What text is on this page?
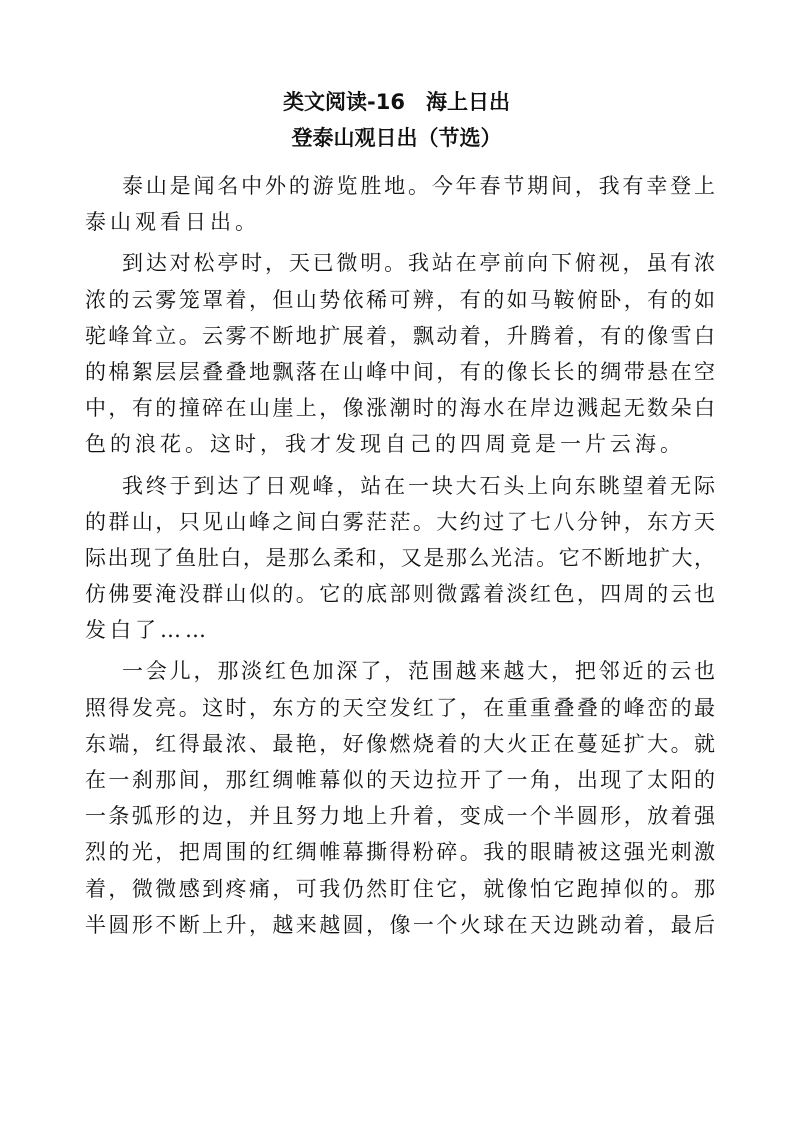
类文阅读-16　海上日出
登泰山观日出（节选）
泰山是闻名中外的游览胜地。今年春节期间，我有幸登上
泰山观看日出。
到达对松亭时，天已微明。我站在亭前向下俯视，虽有浓
浓的云雾笼罩着，但山势依稀可辨，有的如马鞍俯卧，有的如
驼峰耸立。云雾不断地扩展着，飘动着，升腾着，有的像雪白
的棉絮层层叠叠地飘落在山峰中间，有的像长长的绸带悬在空
中，有的撞碎在山崖上，像涨潮时的海水在岸边溅起无数朵白
色的浪花。这时，我才发现自己的四周竟是一片云海。
我终于到达了日观峰，站在一块大石头上向东眺望着无际
的群山，只见山峰之间白雾茫茫。大约过了七八分钟，东方天
际出现了鱼肚白，是那么柔和，又是那么光洁。它不断地扩大，
仿佛要淹没群山似的。它的底部则微露着淡红色，四周的云也
发白了……
一会儿，那淡红色加深了，范围越来越大，把邻近的云也
照得发亮。这时，东方的天空发红了，在重重叠叠的峰峦的最
东端，红得最浓、最艳，好像燃烧着的大火正在蔓延扩大。就
在一刹那间，那红绸帷幕似的天边拉开了一角，出现了太阳的
一条弧形的边，并且努力地上升着，变成一个半圆形，放着强
烈的光，把周围的红绸帷幕撕得粉碎。我的眼睛被这强光刺激
着，微微感到疼痛，可我仍然盯住它，就像怕它跑掉似的。那
半圆形不断上升，越来越圆，像一个火球在天边跳动着，最后
